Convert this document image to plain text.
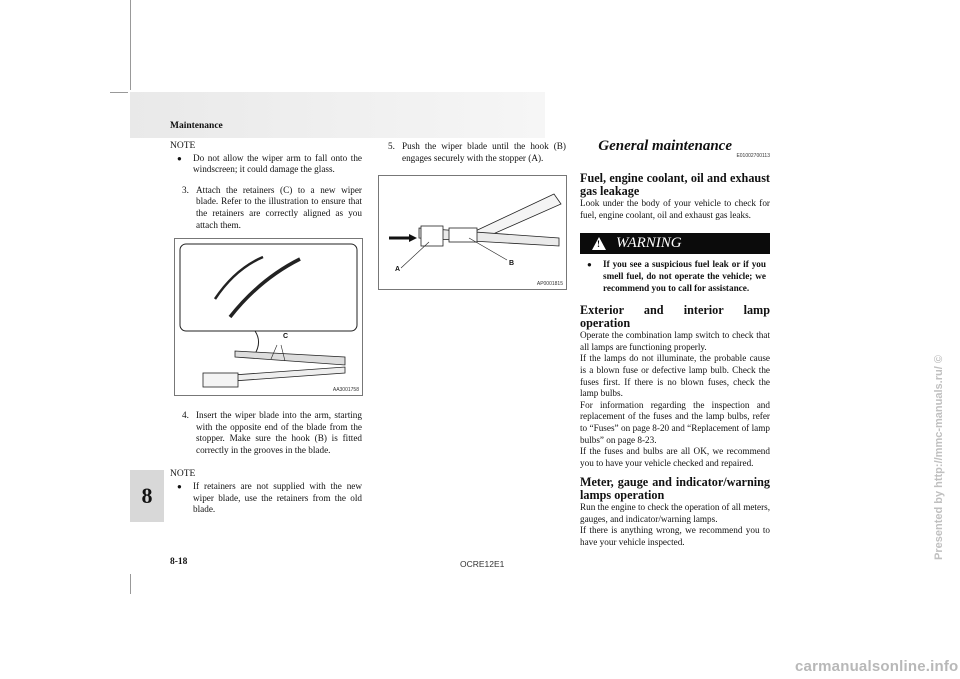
Maintenance
8
NOTE
● Do not allow the wiper arm to fall onto the windscreen; it could damage the glass.
3. Attach the retainers (C) to a new wiper blade. Refer to the illustration to ensure that the retainers are correctly aligned as you attach them.
C
AA3001758
4. Insert the wiper blade into the arm, starting with the opposite end of the blade from the stopper. Make sure the hook (B) is fitted correctly in the grooves in the blade.
NOTE
● If retainers are not supplied with the new wiper blade, use the retainers from the old blade.
5. Push the wiper blade until the hook (B) engages securely with the stopper (A).
A
B
AP0001815
General maintenance
E01002700113
Fuel, engine coolant, oil and exhaust gas leakage
Look under the body of your vehicle to check for fuel, engine coolant, oil and exhaust gas leaks.
! WARNING
● If you see a suspicious fuel leak or if you smell fuel, do not operate the vehicle; we recommend you to call for assistance.
Exterior and interior lamp operation
Operate the combination lamp switch to check that all lamps are functioning properly.
If the lamps do not illuminate, the probable cause is a blown fuse or defective lamp bulb. Check the fuses first. If there is no blown fuses, check the lamp bulbs.
For information regarding the inspection and replacement of the fuses and the lamp bulbs, refer to “Fuses” on page 8-20 and “Replacement of lamp bulbs” on page 8-23.
If the fuses and bulbs are all OK, we recommend you to have your vehicle checked and repaired.
Meter, gauge and indicator/warning lamps operation
Run the engine to check the operation of all meters, gauges, and indicator/warning lamps.
If there is anything wrong, we recommend you to have your vehicle inspected.
8-18	OCRE12E1
Presented by http://mmc-manuals.ru/ ©
carmanualsonline.info
